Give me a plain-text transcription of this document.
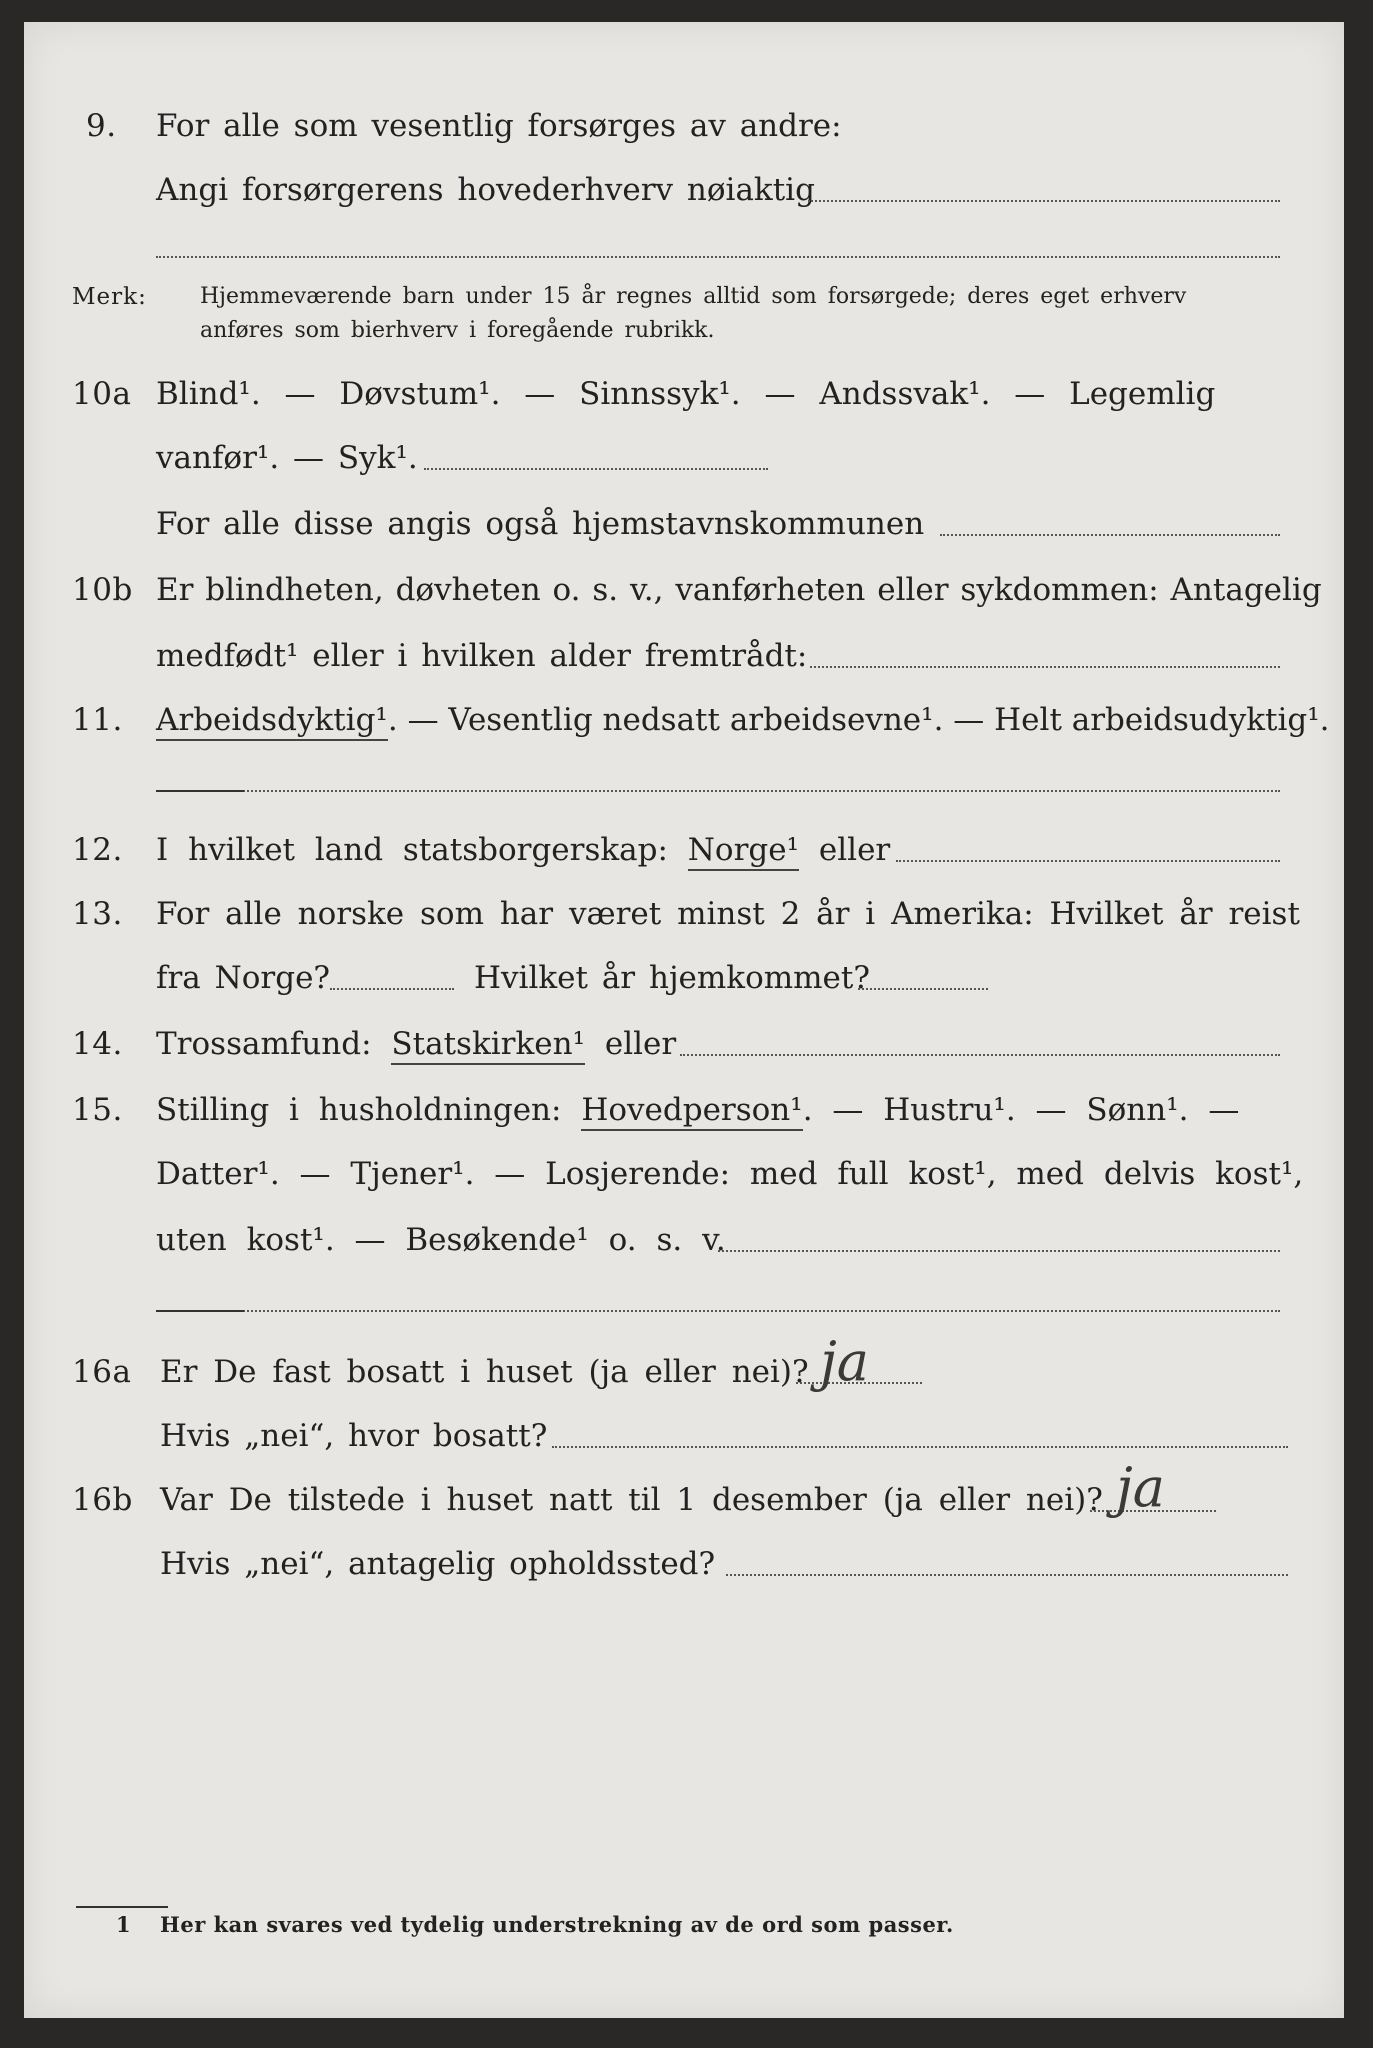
9. For alle som vesentlig forsørges av andre:
Angi forsørgerens hovederhverv nøiaktig
Merk: Hjemmeværende barn under 15 år regnes alltid som forsørgede; deres eget erhverv
anføres som bierhverv i foregående rubrikk.
10a Blind¹. — Døvstum¹. — Sinnssyk¹. — Andssvak¹. — Legemlig
vanfør¹. — Syk¹.
For alle disse angis også hjemstavnskommunen
10b Er blindheten, døvheten o. s. v., vanførheten eller sykdommen: Antagelig
medfødt¹ eller i hvilken alder fremtrådt:
11. Arbeidsdyktig¹. — Vesentlig nedsatt arbeidsevne¹. — Helt arbeidsudyktig¹.
12. I hvilket land statsborgerskap: Norge¹ eller
13. For alle norske som har været minst 2 år i Amerika: Hvilket år reist
fra Norge?	Hvilket år hjemkommet?
14. Trossamfund: Statskirken¹ eller
15. Stilling i husholdningen: Hovedperson¹. — Hustru¹. — Sønn¹. —
Datter¹. — Tjener¹. — Losjerende: med full kost¹, med delvis kost¹,
uten kost¹. — Besøkende¹ o. s. v.
16a Er De fast bosatt i huset (ja eller nei)? ja
Hvis „nei“, hvor bosatt?
16b Var De tilstede i huset natt til 1 desember (ja eller nei)? ja
Hvis „nei“, antagelig opholdssted?
1 Her kan svares ved tydelig understrekning av de ord som passer.
